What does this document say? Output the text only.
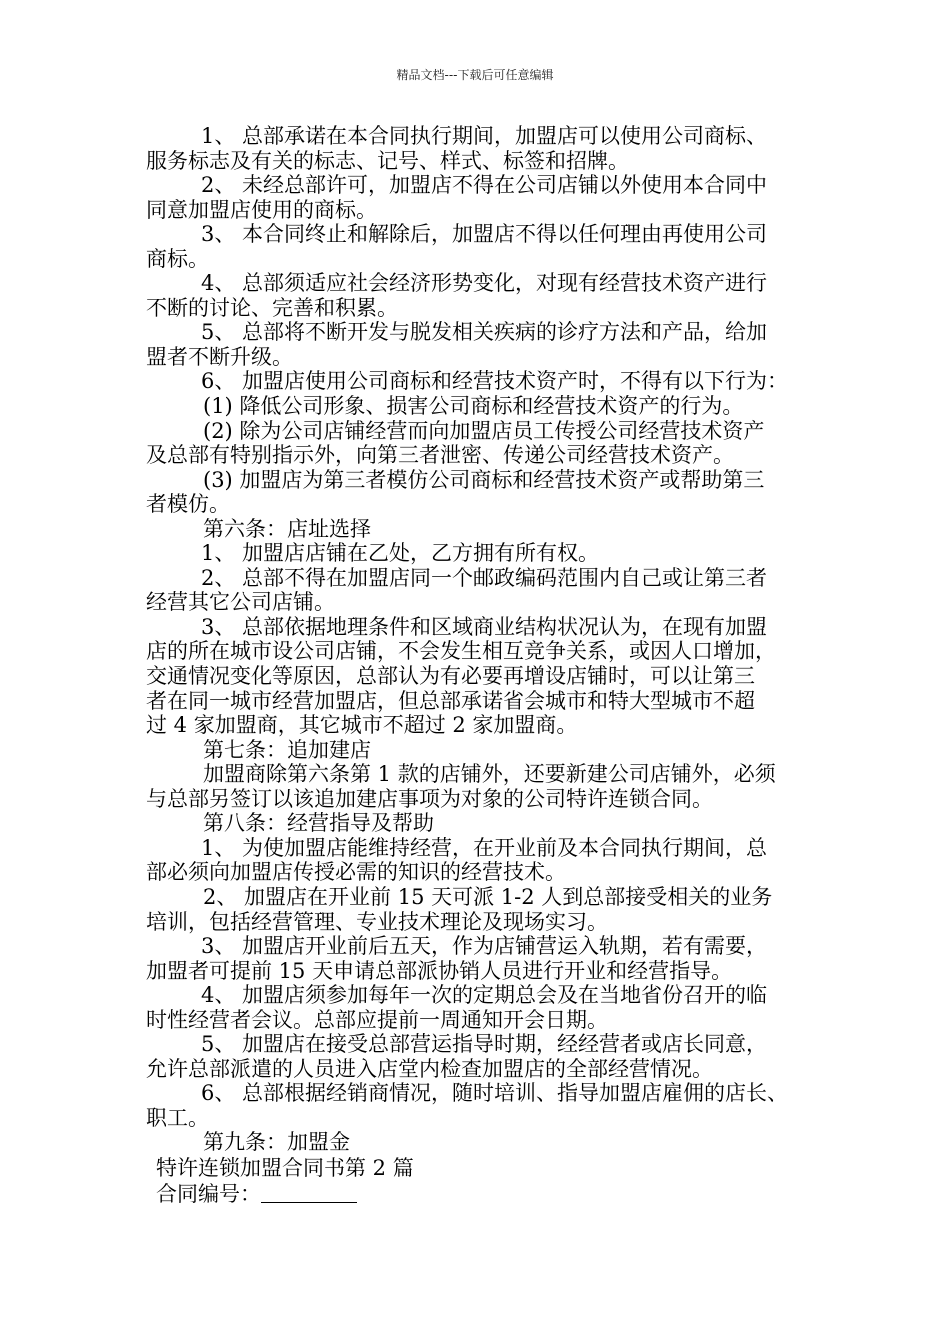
精品文档---下载后可任意编辑
1、 总部承诺在本合同执行期间，加盟店可以使用公司商标、
服务标志及有关的标志、记号、样式、标签和招牌。
2、 未经总部许可，加盟店不得在公司店铺以外使用本合同中
同意加盟店使用的商标。
3、 本合同终止和解除后，加盟店不得以任何理由再使用公司
商标。
4、 总部须适应社会经济形势变化，对现有经营技术资产进行
不断的讨论、完善和积累。
5、 总部将不断开发与脱发相关疾病的诊疗方法和产品，给加
盟者不断升级。
6、 加盟店使用公司商标和经营技术资产时，不得有以下行为：
(1) 降低公司形象、损害公司商标和经营技术资产的行为。
(2) 除为公司店铺经营而向加盟店员工传授公司经营技术资产
及总部有特别指示外，向第三者泄密、传递公司经营技术资产。
(3) 加盟店为第三者模仿公司商标和经营技术资产或帮助第三
者模仿。
第六条：店址选择
1、 加盟店店铺在乙处，乙方拥有所有权。
2、 总部不得在加盟店同一个邮政编码范围内自己或让第三者
经营其它公司店铺。
3、 总部依据地理条件和区域商业结构状况认为，在现有加盟
店的所在城市设公司店铺，不会发生相互竞争关系，或因人口增加，
交通情况变化等原因，总部认为有必要再增设店铺时，可以让第三
者在同一城市经营加盟店，但总部承诺省会城市和特大型城市不超
过 4 家加盟商，其它城市不超过 2 家加盟商。
第七条：追加建店
加盟商除第六条第 1 款的店铺外，还要新建公司店铺外，必须
与总部另签订以该追加建店事项为对象的公司特许连锁合同。
第八条：经营指导及帮助
1、 为使加盟店能维持经营，在开业前及本合同执行期间，总
部必须向加盟店传授必需的知识的经营技术。
2、 加盟店在开业前 15 天可派 1-2 人到总部接受相关的业务
培训，包括经营管理、专业技术理论及现场实习。
3、 加盟店开业前后五天，作为店铺营运入轨期，若有需要，
加盟者可提前 15 天申请总部派协销人员进行开业和经营指导。
4、 加盟店须参加每年一次的定期总会及在当地省份召开的临
时性经营者会议。总部应提前一周通知开会日期。
5、 加盟店在接受总部营运指导时期，经经营者或店长同意，
允许总部派遣的人员进入店堂内检查加盟店的全部经营情况。
6、 总部根据经销商情况，随时培训、指导加盟店雇佣的店长、
职工。
第九条：加盟金
特许连锁加盟合同书第 2 篇
合同编号：
